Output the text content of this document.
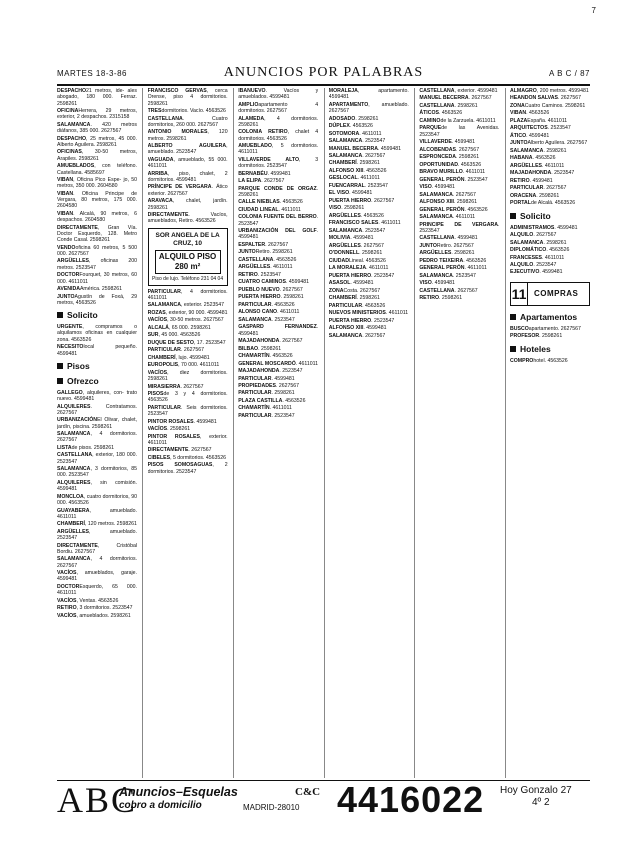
MARTES 18-3-86	ANUNCIOS POR PALABRAS	A B C / 87
7
DESPACHO21 metros, ide- ales abogado, 180 000. Ferraz. 2598261
OFICINAHerrera, 29 metros, exterior, 2 despachos. 2315158
SALAMANCA. 420 metros diáfanos, 385 000. 2627567
DESPACHO, 25 metros, 45 000. Alberto Aguilera. 2598261
OFICINAS, 30-50 metros, Arapiles. 2598261
AMUEBLADOS, con teléfono. Castellana. 4585697
VIBAN, Oficina Pico Espe- jo, 50 metros, 350 000. 2604580
VIBAN. Oficina Principe de Vergara, 80 metros, 175 000. 2604580
VIBAN. Alcalá, 90 metros, 6 despachos. 2604580
DIRECTAMENTE, Gran Vía. Doctor Esquerdo, 128. Metro Conde Casal. 2598261
VENDOoficina 60 metros, 5 500 000. 2627567
ARGÜELLES, oficinas 200 metros. 2523547
DOCTORFourquet, 30 metros, 60 000. 4611011
AVENIDAAmérica. 2598261
JUNTOAgustín de Foxá, 29 metros, 4563526
Solicito
URGENTE, compramos o alquilamos oficinas en cualquier zona. 4563526
NECESITOlocal pequeño. 4599481
Pisos
Ofrezco
GALLEGO, alquileres, con- trato nuevo. 4599481
ALQUILERES. Contratamos. 2627567
URBANIZACIÓNEl Olivar, chalet, jardín, piscina. 2598261
SALAMANCA, 4 dormitorios. 2627567
LISTAde pisos. 2598261
CASTELLANA, exterior, 180 000. 2523547
SALAMANCA, 3 dormitorios, 85 000. 2523547
ALQUILERES, sin comisión. 4599481
MONCLOA, cuatro dormitorios, 90 000. 4563526
GUAYABERA, amueblado. 4611011
CHAMBERÍ, 120 metros. 2598261
ARGÜELLES, amueblado. 2523547
DIRECTAMENTE, Cristóbal Bordiu. 2627567
SALAMANCA, 4 dormitorios. 2627567
VACÍOS, amueblados, garaje. 4599481
DOCTOREsquerdo, 65 000. 4611011
VACÍOS, Ventas. 4563526
RETIRO, 3 dormitorios. 2523547
VACÍOS, amueblados. 2598261
FRANCISCO GERVAS, cerca Orense, piso 4 dormitorios. 2598261
TRESdormitorios. Vacío. 4563526
CASTELLANA. Cuatro dormitorios, 260 000. 2627567
ANTONIO MORALES, 120 metros. 2598261
ALBERTO AGUILERA, amueblado. 2523547
VAGUADA, amueblado, 55 000. 4611011
ARRIBA, piso, chalet, 2 dormitorios. 4599481
PRÍNCIPE DE VERGARA. Ático exterior. 2627567
ARAVACA, chalet, jardín. 2598261
DIRECTAMENTE. Vacíos, amueblados, Retiro. 4563526
SOR ANGELA DE LA CRUZ, 10
ALQUILO PISO 280 m²
Piso de lujo. Teléfono 231 04 04
PARTICULAR, 4 dormitorios. 4611011
SALAMANCA, exterior. 2523547
ROZAS, exterior, 90 000. 4599481
VACÍOS, 30-50 metros. 2627567
ALCALÁ, 65 000. 2598261
SUR, 45 000. 4563526
DUQUE DE SESTO, 17. 2523547
PARTICULAR. 2627567
CHAMBERÍ, lujo. 4599481
EUROPOLIS, 70 000. 4611011
VACÍOS, diez dormitorios. 2598261
MIRASIERRA. 2627567
PISOSde 3 y 4 dormitorios. 4563526
PARTICULAR. Seis dormitorios. 2523547
PINTOR ROSALES. 4599481
VACÍOS. 2598261
PINTOR ROSALES, exterior. 4611011
DIRECTAMENTE. 2627567
CIBELES, 5 dormitorios. 4563526
PISOS SOMOSAGUAS, 2 dormitorios. 2523547
IBANUEVO. Vacíos y amueblados. 4599481
AMPLIOapartamento 4 dormitorios. 2627567
ALAMEDA, 4 dormitorios. 2598261
COLONIA RETIRO, chalet 4 dormitorios. 4563526
AMUEBLADO, 5 dormitorios. 4611011
VILLAVERDE ALTO, 3 dormitorios. 2523547
BERNABÉU. 4599481
LA ELIPA. 2627567
PARQUE CONDE DE ORGAZ. 2598261
CALLE NIEBLAS. 4563526
CIUDAD LINEAL. 4611011
COLONIA FUENTE DEL BERRO. 2523547
URBANIZACIÓN DEL GOLF. 4599481
ESPALTER. 2627567
JUNTORetiro. 2598261
CASTELLANA. 4563526
ARGÜELLES. 4611011
RETIRO. 2523547
CUATRO CAMINOS. 4599481
PUEBLO NUEVO. 2627567
PUERTA HIERRO. 2598261
PARTICULAR. 4563526
ALONSO CANO. 4611011
SALAMANCA. 2523547
GASPARD FERNANDEZ. 4599481
MAJADAHONDA. 2627567
BILBAO. 2598261
CHAMARTÍN. 4563526
GENERAL MOSCARDÓ. 4611011
MAJADAHONDA. 2523547
PARTICULAR. 4599481
PROPIEDADES. 2627567
PARTICULAR. 2598261
PLAZA CASTILLA. 4563526
CHAMARTÍN. 4611011
PARTICULAR. 2523547
MORALEJA, apartamento. 4599481
APARTAMENTO, amueblado. 2627567
ADOSADO. 2598261
DÚPLEX. 4563526
SOTOMORA. 4611011
SALAMANCA. 2523547
MANUEL BECERRA. 4599481
SALAMANCA. 2627567
CHAMBERÍ. 2598261
ALFONSO XIII. 4563526
GESLOCAL. 4611011
FUENCARRAL. 2523547
EL VISO. 4599481
PUERTA HIERRO. 2627567
VISO. 2598261
ARGÜELLES. 4563526
FRANCISCO SALES. 4611011
SALAMANCA. 2523547
MOLIVIA. 4599481
ARGÜELLES. 2627567
O'DONNELL. 2598261
CIUDADLineal. 4563526
LA MORALEJA. 4611011
PUERTA HIERRO. 2523547
ASASOL. 4599481
ZONACosta. 2627567
CHAMBERÍ. 2598261
PARTICULAR. 4563526
NUEVOS MINISTERIOS. 4611011
PUERTA HIERRO. 2523547
ALFONSO XIII. 4599481
SALAMANCA. 2627567
CASTELLANA, exterior. 4599481
MANUEL BECERRA. 2627567
CASTELLANA. 2598261
ÁTICOS. 4563526
CAMINOde la Zarzuela. 4611011
PARQUEde las Avenidas. 2523547
VILLAVERDE. 4599481
ALCOBENDAS. 2627567
ESPRONCEDA. 2598261
OPORTUNIDAD. 4563526
BRAVO MURILLO. 4611011
GENERAL PERÓN. 2523547
VISO. 4599481
SALAMANCA. 2627567
ALFONSO XIII. 2598261
GENERAL PERÓN. 4563526
SALAMANCA. 4611011
PRINCIPE DE VERGARA. 2523547
CASTELLANA. 4599481
JUNTORetiro. 2627567
ARGÜELLES. 2598261
PEDRO TEIXEIRA. 4563526
GENERAL PERÓN. 4611011
SALAMANCA. 2523547
VISO. 4599481
CASTELLANA. 2627567
RETIRO. 2598261
ALMAGRO, 200 metros. 4599481
HEANDON SALVAS. 2627567
ZONACuatro Caminos. 2598261
VIBAN. 4563526
PLAZAEspaña. 4611011
ARQUITECTOS. 2523547
ÁTICO. 4599481
JUNTOAlberto Aguilera. 2627567
SALAMANCA. 2598261
HABANA. 4563526
ARGÜELLES. 4611011
MAJADAHONDA. 2523547
RETIRO. 4599481
PARTICULAR. 2627567
ORACENA. 2598261
PORTALde Alcalá. 4563526
Solicito
ADMINISTRAMOS. 4599481
ALQUILO. 2627567
SALAMANCA. 2598261
DIPLOMÁTICO. 4563526
FRANCESES. 4611011
ALQUILO. 2523547
EJECUTIVO. 4599481
11 COMPRAS
Apartamentos
BUSCOapartamento. 2627567
PROFESOR. 2598261
Hoteles
COMPROhotel. 4563526
ABC
Anuncios–Esquelas	C&C
cobro a domicilio	MADRID-28010 4416022 Hoy Gonzalo 27
4º 2
